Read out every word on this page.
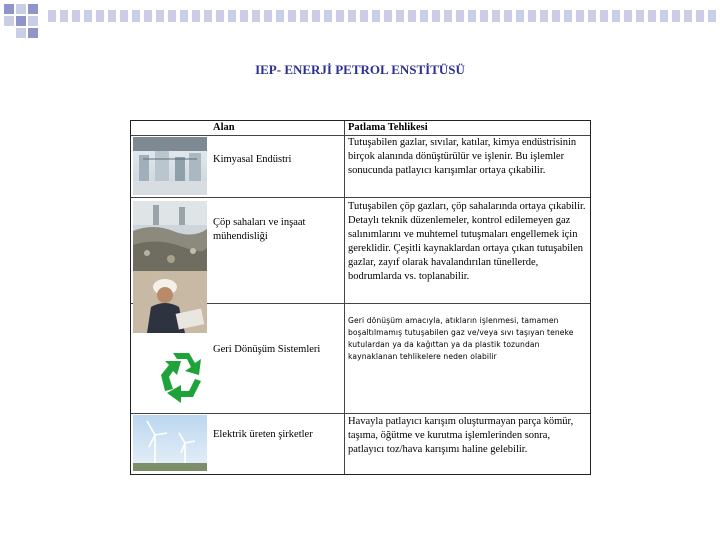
IEP- ENERJİ PETROL ENSTİTÜSÜ
Alan	Patlama Tehlikesi
Kimyasal Endüstri
Tutuşabilen gazlar, sıvılar, katılar, kimya endüstrisinin birçok alanında dönüştürülür ve işlenir. Bu işlemler sonucunda patlayıcı karışımlar ortaya çıkabilir.
Çöp sahaları ve inşaat mühendisliği
Tutuşabilen çöp gazları, çöp sahalarında ortaya çıkabilir. Detaylı teknik düzenlemeler, kontrol edilemeyen gaz salınımlarını ve muhtemel tutuşmaları engellemek için gereklidir. Çeşitli kaynaklardan ortaya çıkan tutuşabilen gazlar, zayıf olarak havalandırılan tünellerde, bodrumlarda vs. toplanabilir.
Geri Dönüşüm Sistemleri
Geri dönüşüm amacıyla, atıkların işlenmesi, tamamen boşaltılmamış tutuşabilen gaz ve/veya sıvı taşıyan teneke kutulardan ya da kağıttan ya da plastik tozundan kaynaklanan tehlikelere neden olabilir
Elektrik üreten şirketler
Havayla patlayıcı karışım oluşturmayan parça kömür, taşıma, öğütme ve kurutma işlemlerinden sonra, patlayıcı toz/hava karışımı haline gelebilir.
